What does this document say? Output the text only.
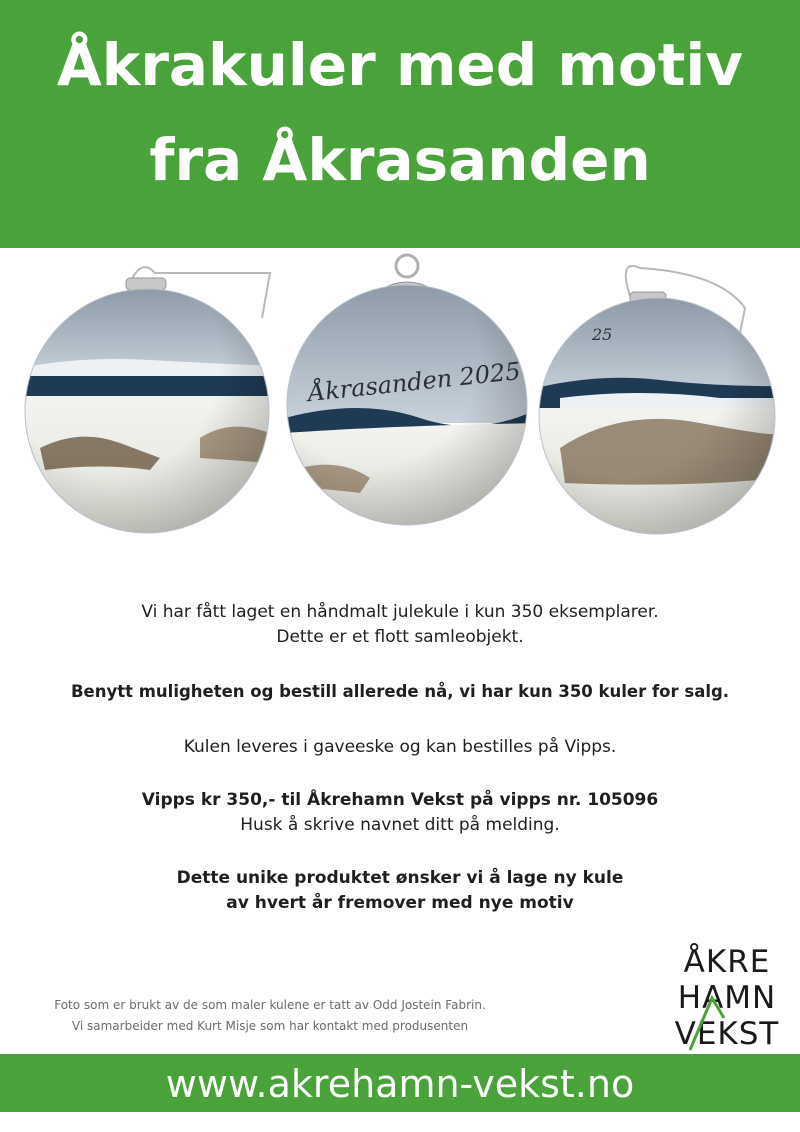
Åkrakuler med motiv
fra Åkrasanden
Åkrasanden 2025
25
Vi har fått laget en håndmalt julekule i kun 350 eksemplarer.
Dette er et flott samleobjekt.
Benytt muligheten og bestill allerede nå, vi har kun 350 kuler for salg.
Kulen leveres i gaveeske og kan bestilles på Vipps.
Vipps kr 350,- til Åkrehamn Vekst på vipps nr. 105096
Husk å skrive navnet ditt på melding.
Dette unike produktet ønsker vi å lage ny kule
av hvert år fremover med nye motiv
Foto som er brukt av de som maler kulene er tatt av Odd Jostein Fabrin.
Vi samarbeider med Kurt Misje som har kontakt med produsenten
ÅKRE
HAMN
VEKST
www.akrehamn-vekst.no
